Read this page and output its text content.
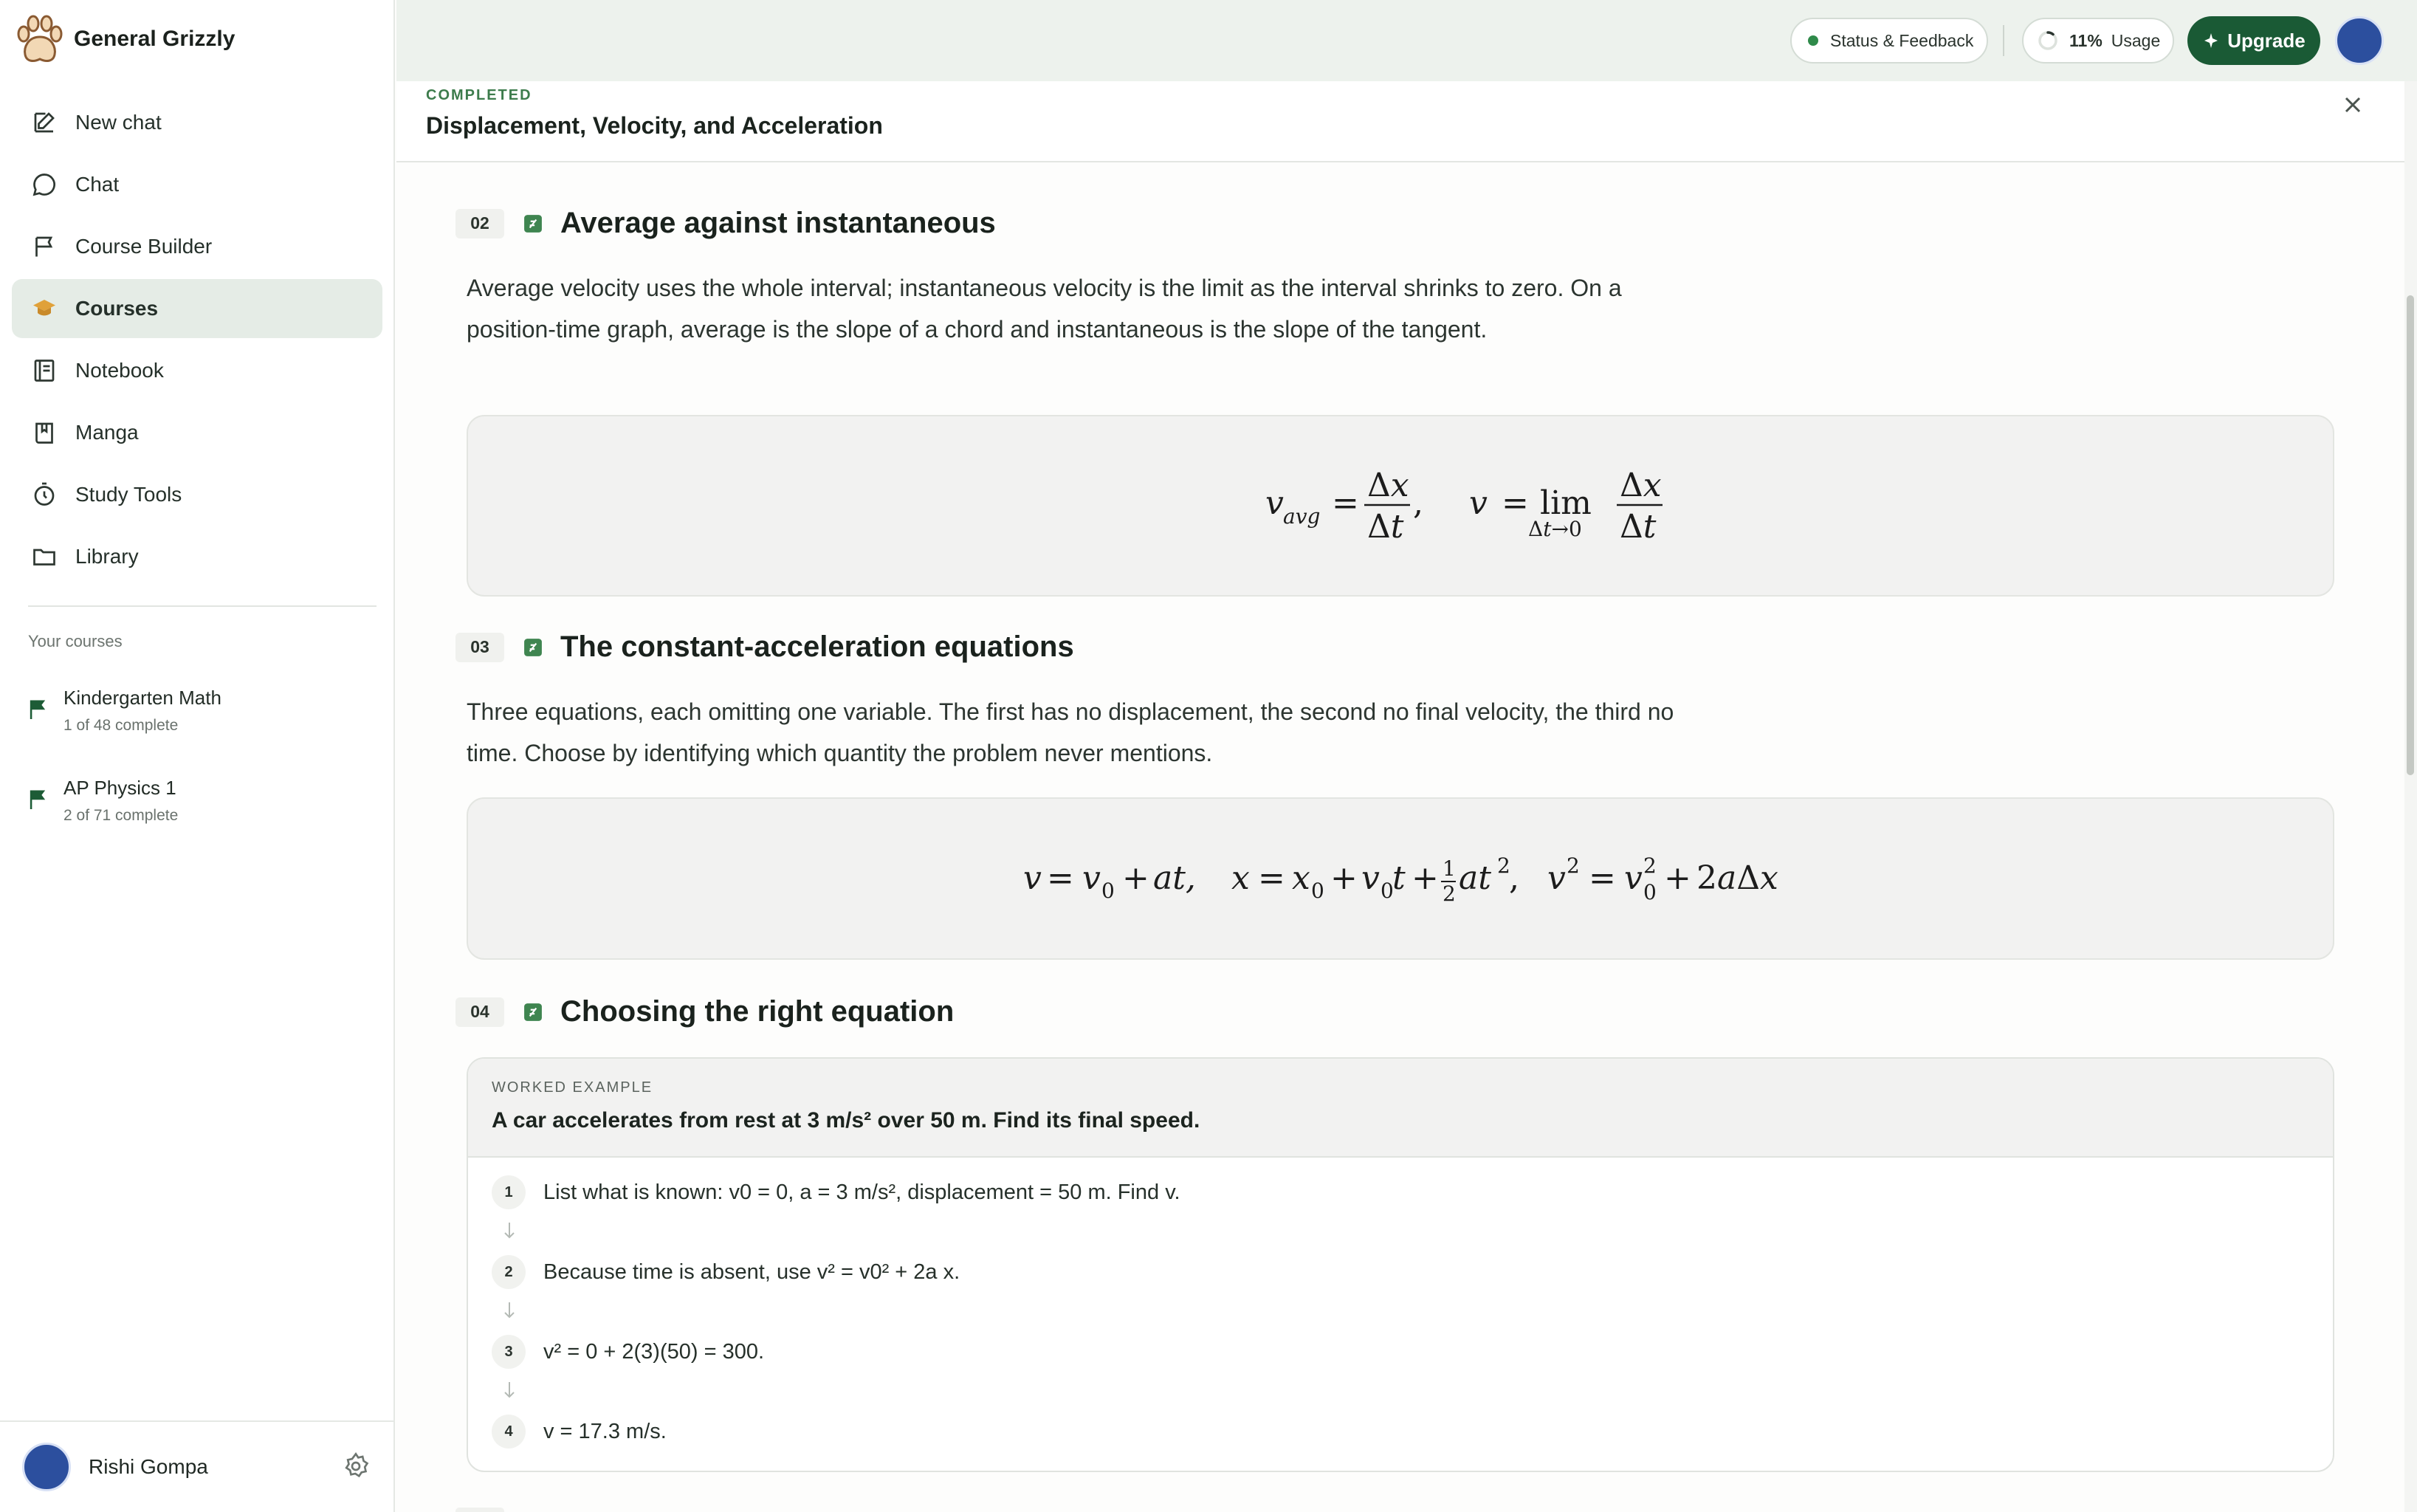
General Grizzly
New chat
Chat
Course Builder
Courses
Notebook
Manga
Study Tools
Library
Your courses
Kindergarten Math
1 of 48 complete
AP Physics 1
2 of 71 complete
Rishi Gompa
Status & Feedback	11% Usage	Upgrade
COMPLETED
Displacement, Velocity, and Acceleration
02	Average against instantaneous
Average velocity uses the whole interval; instantaneous velocity is the limit as the interval shrinks to zero. On a position-time graph, average is the slope of a chord and instantaneous is the slope of the tangent.
v avg = Δx
Δt
, v = lim
Δt→0
Δx
Δt
03	The constant-acceleration equations
Three equations, each omitting one variable. The first has no displacement, the second no final velocity, the third no time. Choose by identifying which quantity the problem never mentions.
v = v 0 + at, x = x 0 + v 0
t + 1
2 at 2
, v 2 = v 2
0 + 2aΔx
04	Choosing the right equation
WORKED EXAMPLE
A car accelerates from rest at 3 m/s² over 50 m. Find its final speed.
1	List what is known: v0 = 0, a = 3 m/s², displacement = 50 m. Find v.
2	Because time is absent, use v² = v0² + 2a x.
3	v² = 0 + 2(3)(50) = 300.
4	v = 17.3 m/s.
